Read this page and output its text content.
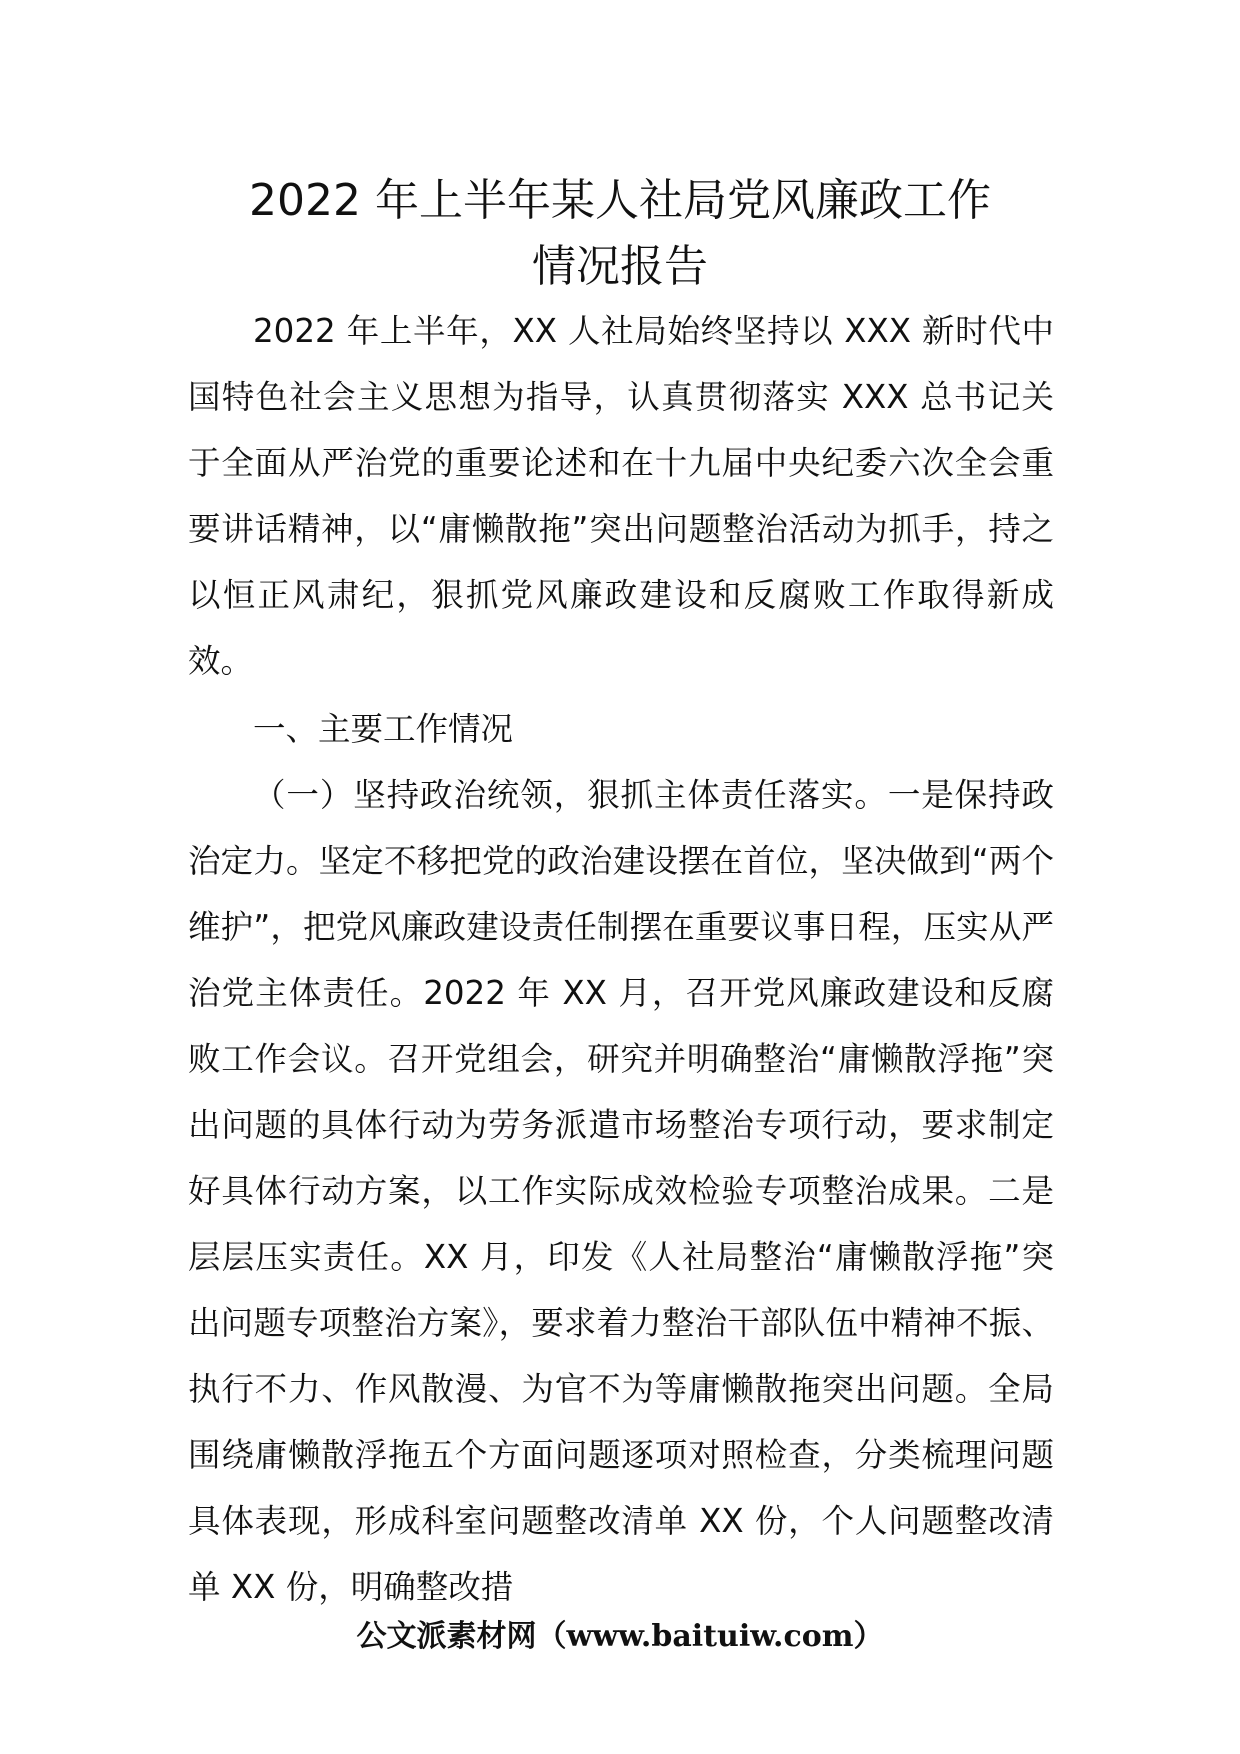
2022 年上半年某人社局党风廉政工作
情况报告

2022 年上半年，XX 人社局始终坚持以 XXX 新时代中国特色社会主义思想为指导，认真贯彻落实 XXX 总书记关于全面从严治党的重要论述和在十九届中央纪委六次全会重要讲话精神，以“庸懒散拖”突出问题整治活动为抓手，持之以恒正风肃纪，狠抓党风廉政建设和反腐败工作取得新成效。

一、主要工作情况

（一）坚持政治统领，狠抓主体责任落实。一是保持政治定力。坚定不移把党的政治建设摆在首位，坚决做到“两个维护”，把党风廉政建设责任制摆在重要议事日程，压实从严治党主体责任。2022 年 XX 月，召开党风廉政建设和反腐败工作会议。召开党组会，研究并明确整治“庸懒散浮拖”突出问题的具体行动为劳务派遣市场整治专项行动，要求制定好具体行动方案，以工作实际成效检验专项整治成果。二是层层压实责任。XX 月，印发《人社局整治“庸懒散浮拖”突出问题专项整治方案》，要求着力整治干部队伍中精神不振、执行不力、作风散漫、为官不为等庸懒散拖突出问题。全局围绕庸懒散浮拖五个方面问题逐项对照检查，分类梳理问题具体表现，形成科室问题整改清单 XX 份，个人问题整改清单 XX 份，明确整改措

公文派素材网（www.baituiw.com）
